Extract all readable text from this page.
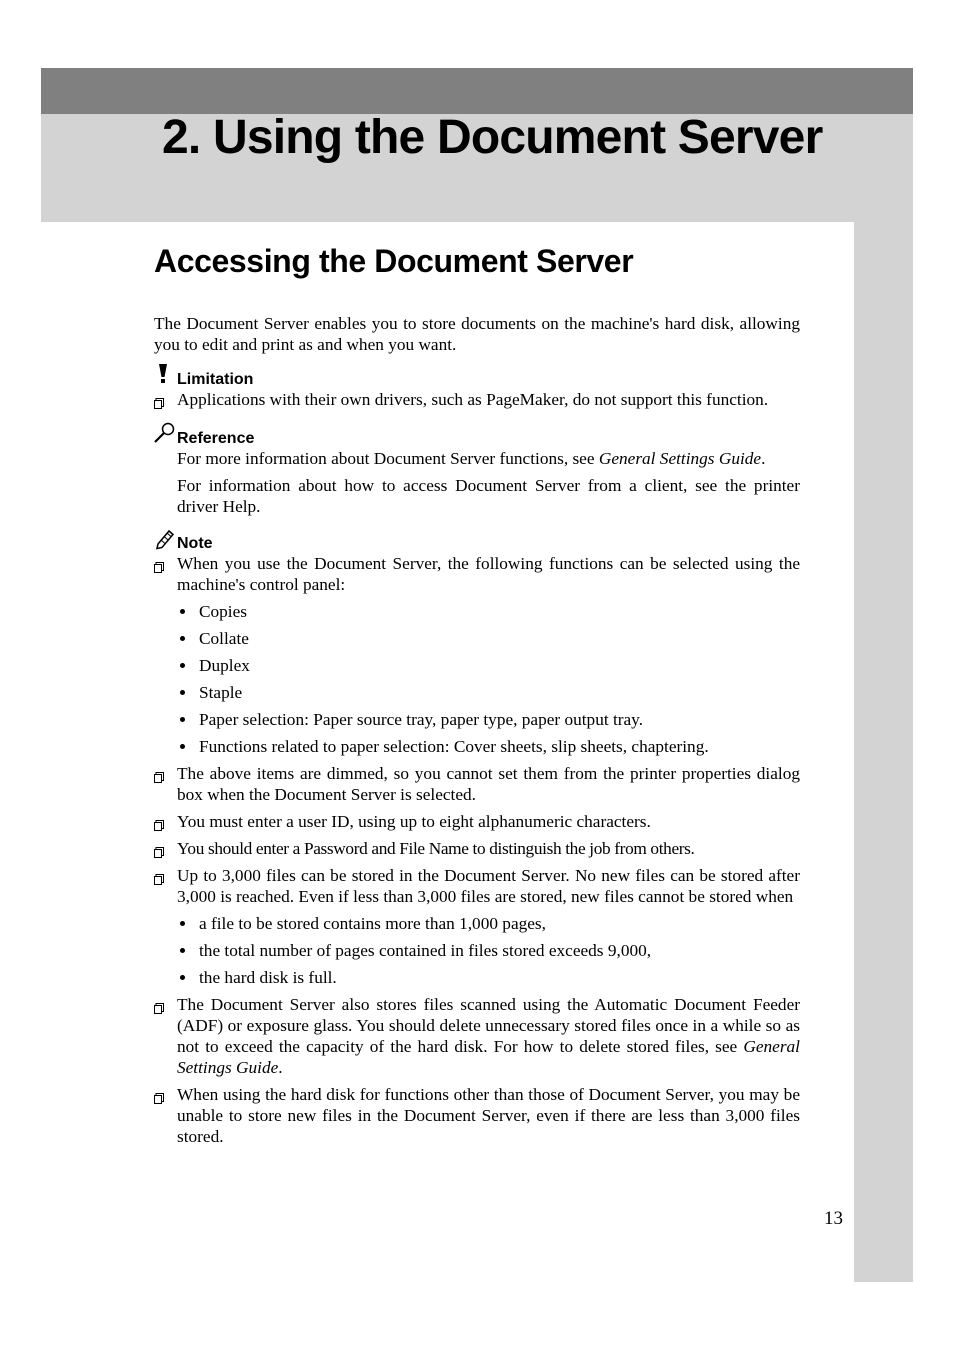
2. Using the Document Server
Accessing the Document Server

The Document Server enables you to store documents on the machine's hard disk, allowing you to edit and print as and when you want.

Limitation
Applications with their own drivers, such as PageMaker, do not support this function.
Reference

For more information about Document Server functions, see General Settings Guide.

For information about how to access Document Server from a client, see the printer driver Help.

Note
When you use the Document Server, the following functions can be selected using the machine's control panel:
Copies
Collate
Duplex
Staple
Paper selection: Paper source tray, paper type, paper output tray.
Functions related to paper selection: Cover sheets, slip sheets, chaptering.
The above items are dimmed, so you cannot set them from the printer properties dialog box when the Document Server is selected.
You must enter a user ID, using up to eight alphanumeric characters.
You should enter a Password and File Name to distinguish the job from others.
Up to 3,000 files can be stored in the Document Server. No new files can be stored after 3,000 is reached. Even if less than 3,000 files are stored, new files cannot be stored when
a file to be stored contains more than 1,000 pages,
the total number of pages contained in files stored exceeds 9,000,
the hard disk is full.
The Document Server also stores files scanned using the Automatic Document Feeder (ADF) or exposure glass. You should delete unnecessary stored files once in a while so as not to exceed the capacity of the hard disk. For how to delete stored files, see General Settings Guide.
When using the hard disk for functions other than those of Document Server, you may be unable to store new files in the Document Server, even if there are less than 3,000 files stored.
13
